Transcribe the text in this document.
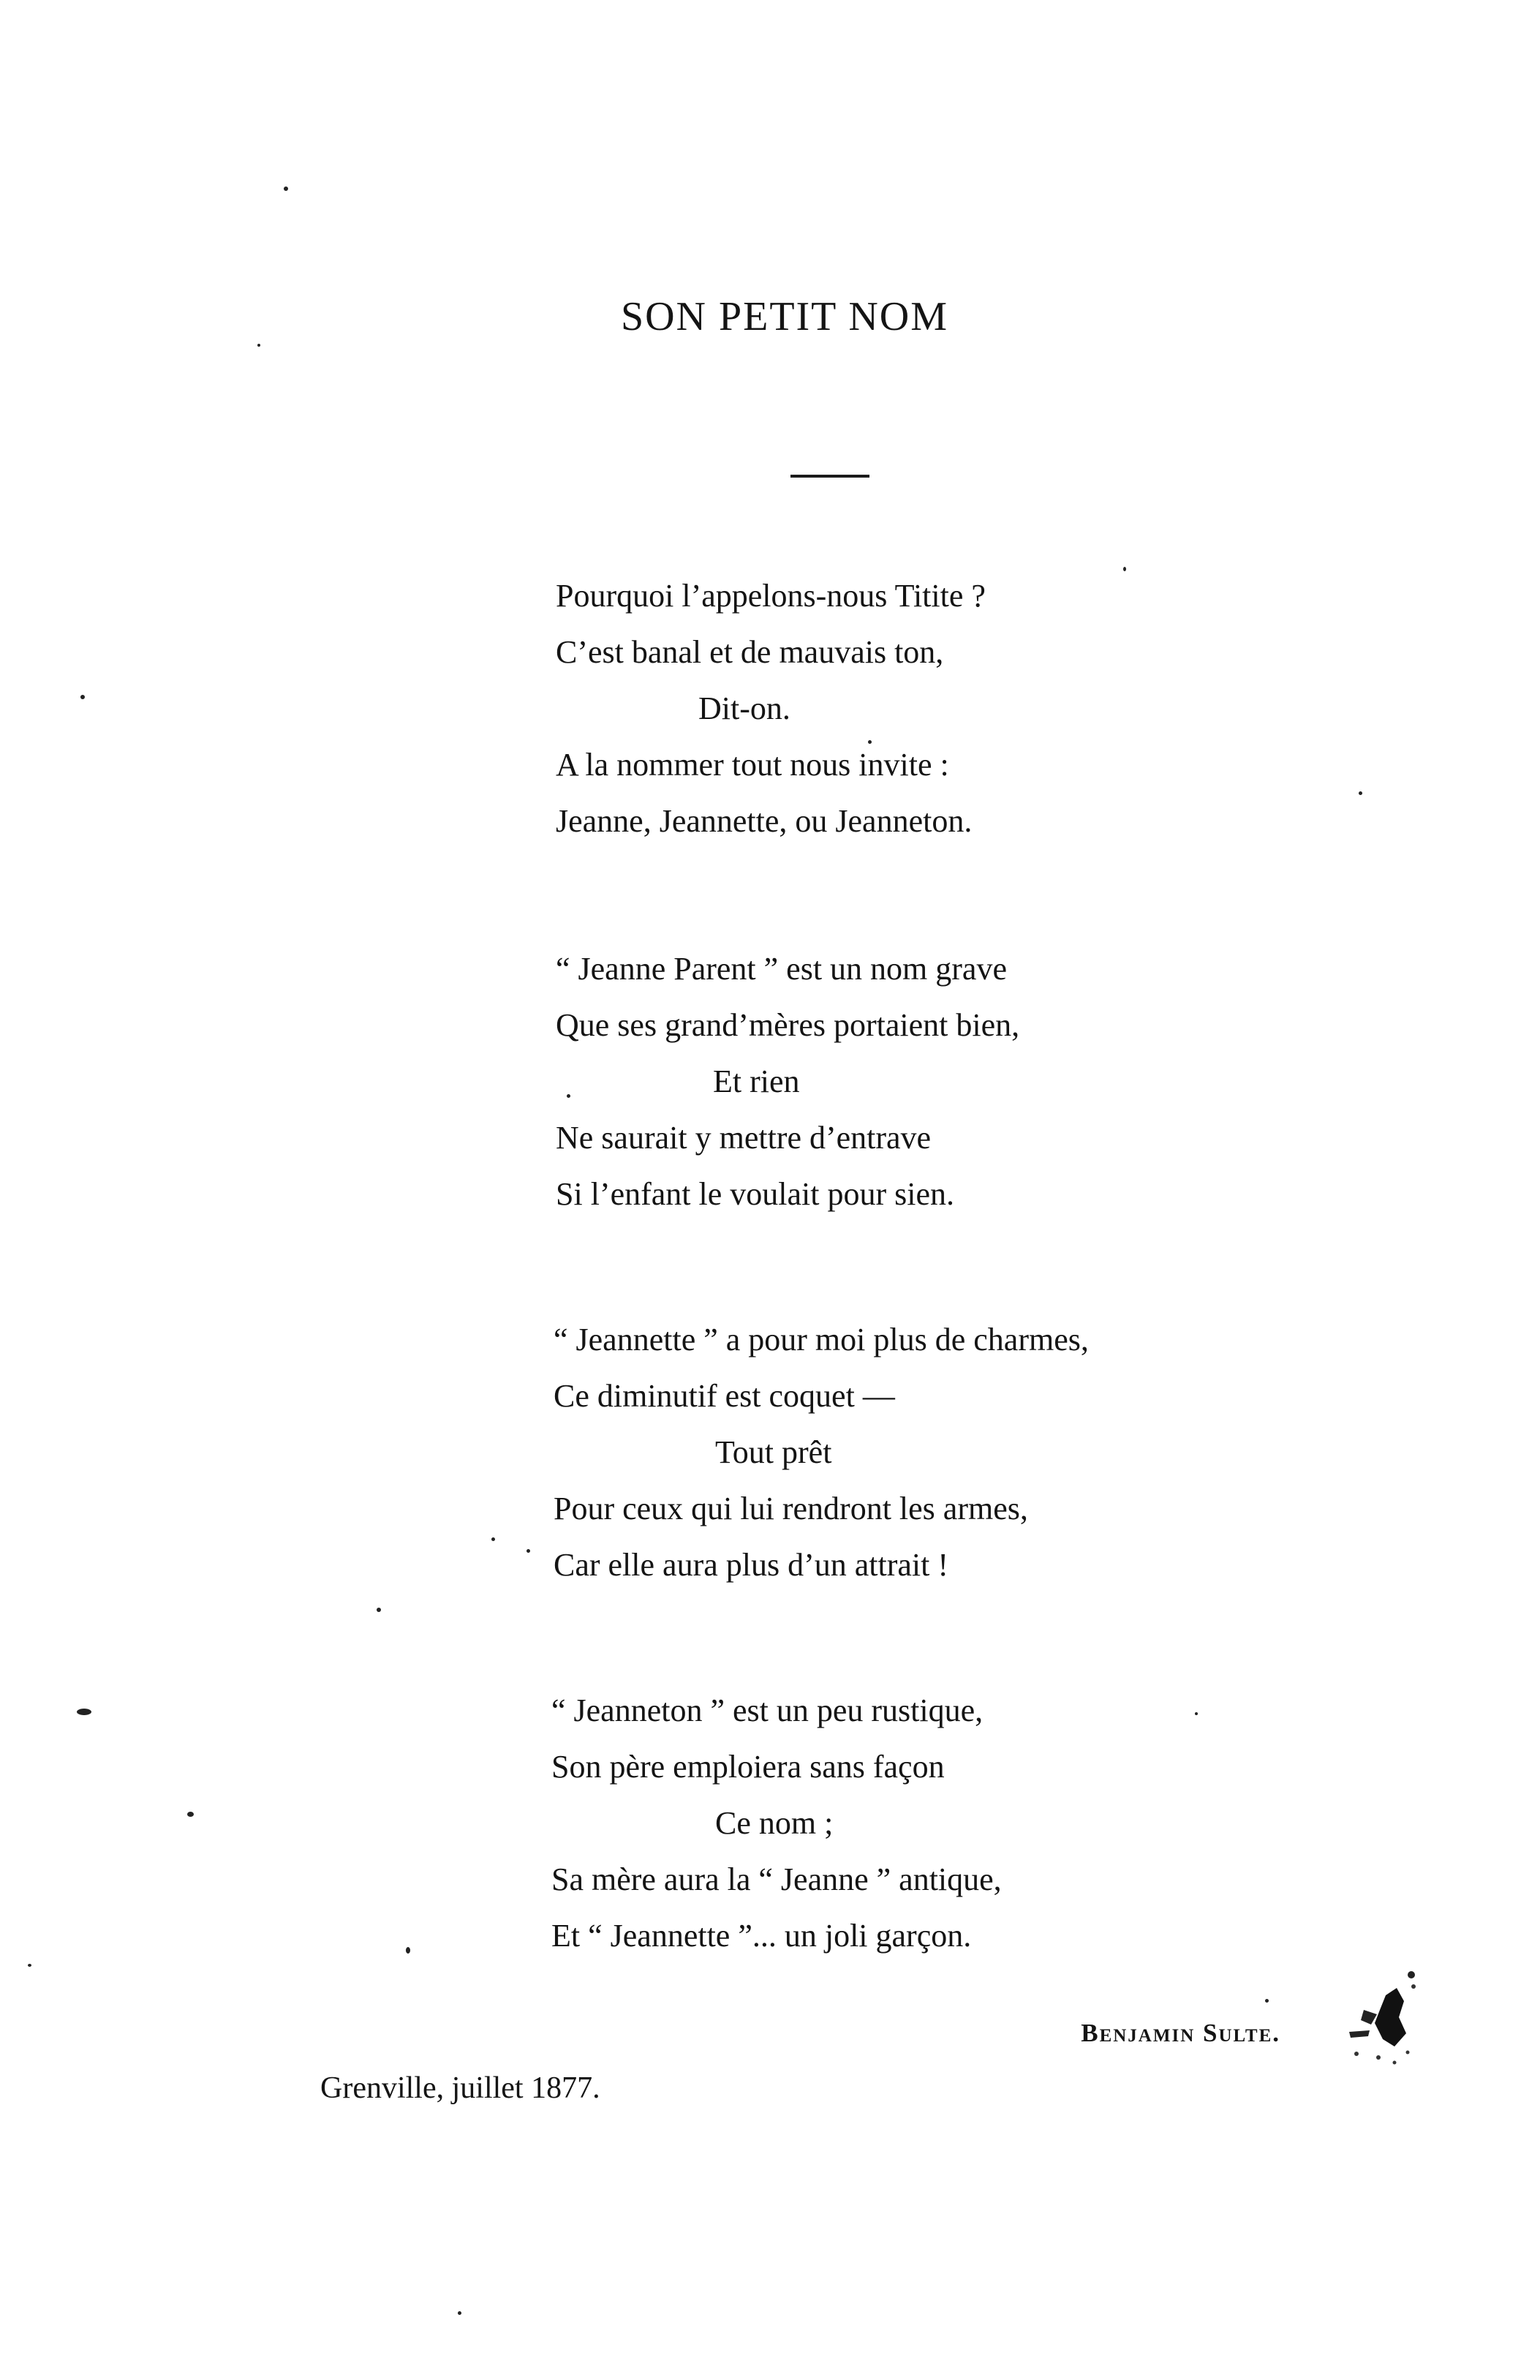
SON PETIT NOM
Pourquoi l’appelons-nous Titite ?
C’est banal et de mauvais ton,
Dit-on.
A la nommer tout nous invite :
Jeanne, Jeannette, ou Jeanneton.
“ Jeanne Parent ” est un nom grave
Que ses grand’mères portaient bien,
Et rien
Ne saurait y mettre d’entrave
Si l’enfant le voulait pour sien.
“ Jeannette ” a pour moi plus de charmes,
Ce diminutif est coquet —
Tout prêt
Pour ceux qui lui rendront les armes,
Car elle aura plus d’un attrait !
“ Jeanneton ” est un peu rustique,
Son père emploiera sans façon
Ce nom ;
Sa mère aura la “ Jeanne ” antique,
Et “ Jeannette ”... un joli garçon.
Benjamin Sulte.
Grenville, juillet 1877.
